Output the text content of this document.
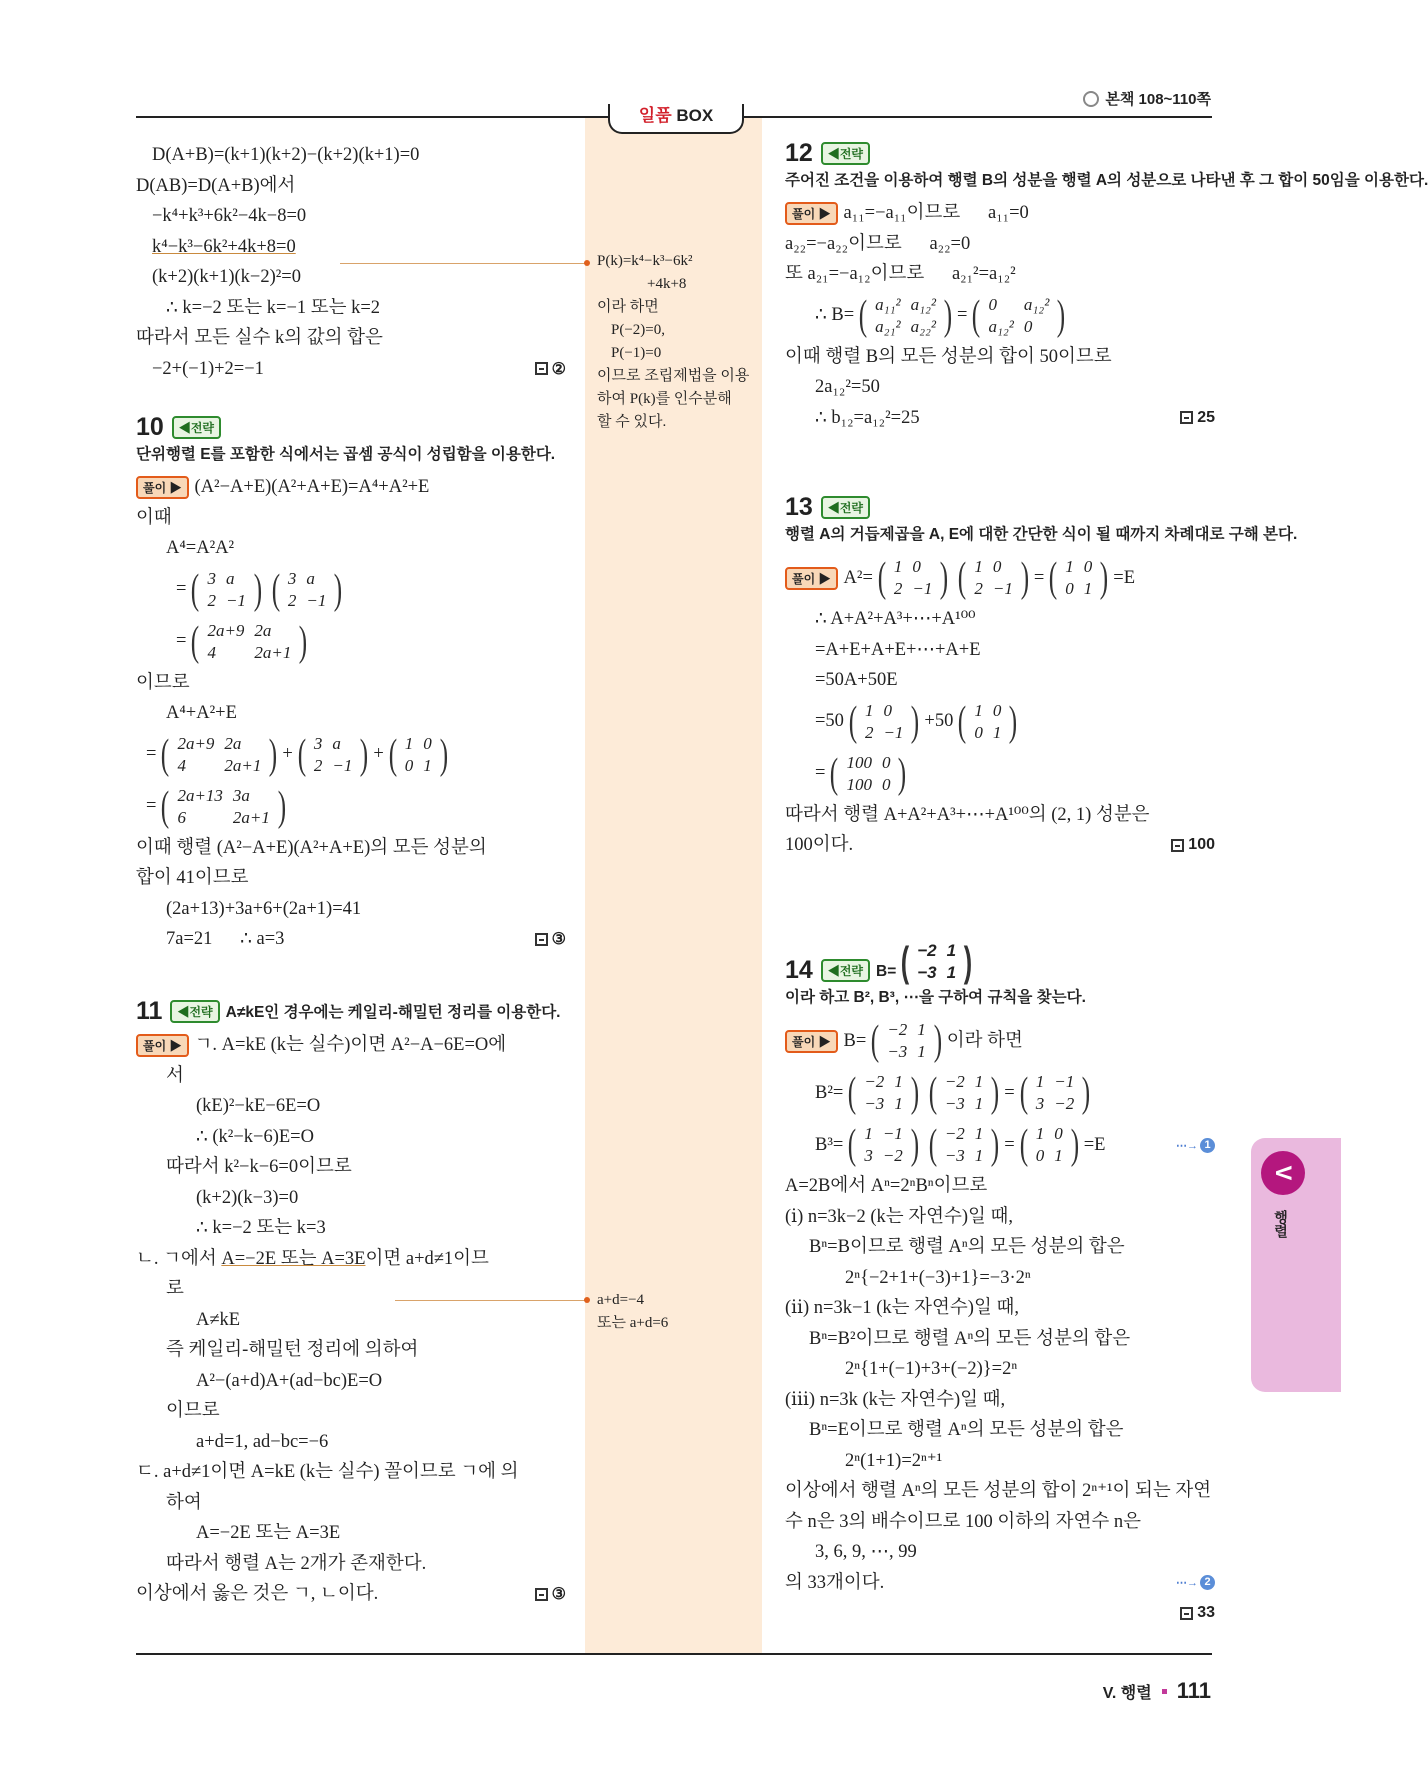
본책 108~110쪽
일품 BOX
D(A+B)=(k+1)(k+2)−(k+2)(k+1)=0
D(AB)=D(A+B)에서
−k⁴+k³+6k²−4k−8=0
k⁴−k³−6k²+4k+8=0
(k+2)(k+1)(k−2)²=0
∴ k=−2 또는 k=−1 또는 k=2
따라서 모든 실수 k의 값의 합은
−2+(−1)+2=−1	②
10 ◀전략단위행렬 E를 포함한 식에서는 곱셈 공식이 성립함을 이용한다.
풀이 ▶ (A²−A+E)(A²+A+E)=A⁴+A²+E
이때
A⁴=A²A²
= ( 3	a
2	−1 ) ( 3	a
2	−1 )
= ( 2a+9	2a
4	2a+1 )
이므로
A⁴+A²+E
= ( 2a+9	2a
4	2a+1 ) + ( 3	a
2	−1 ) + ( 1	0
0	1 )
= ( 2a+13	3a
6	2a+1 )
이때 행렬 (A²−A+E)(A²+A+E)의 모든 성분의
합이 41이므로
(2a+13)+3a+6+(2a+1)=41
7a=21      ∴ a=3	③
11 ◀전략 A≠kE인 경우에는 케일리-해밀턴 정리를 이용한다.
풀이 ▶ ㄱ. A=kE (k는 실수)이면 A²−A−6E=O에
서
(kE)²−kE−6E=O
∴ (k²−k−6)E=O
따라서 k²−k−6=0이므로
(k+2)(k−3)=0
∴ k=−2 또는 k=3
ㄴ. ㄱ에서 A=−2E 또는 A=3E 이면 a+d≠1이므
로
A≠kE
즉 케일리-해밀턴 정리에 의하여
A²−(a+d)A+(ad−bc)E=O
이므로
a+d=1, ad−bc=−6
ㄷ. a+d≠1이면 A=kE (k는 실수) 꼴이므로 ㄱ에 의
하여
A=−2E 또는 A=3E
따라서 행렬 A는 2개가 존재한다.
이상에서 옳은 것은 ㄱ, ㄴ이다.	③
12 ◀전략주어진 조건을 이용하여 행렬 B의 성분을 행렬 A의 성분으로 나타낸 후 그 합이 50임을 이용한다.
풀이 ▶ a₁₁=−a₁₁이므로      a₁₁=0
a₂₂=−a₂₂이므로      a₂₂=0
또 a₂₁=−a₁₂이므로      a₂₁²=a₁₂²
∴ B= ( a₁₁²	a₁₂²
a₂₁²	a₂₂² ) = ( 0	a₁₂²
a₁₂²	0 )
이때 행렬 B의 모든 성분의 합이 50이므로
2a₁₂²=50
∴ b₁₂=a₁₂²=25	25
13 ◀전략행렬 A의 거듭제곱을 A, E에 대한 간단한 식이 될 때까지 차례대로 구해 본다.
풀이 ▶ A²= ( 1	0
2	−1 ) ( 1	0
2	−1 ) = ( 1	0
0	1 ) =E
∴ A+A²+A³+⋯+A¹⁰⁰
=A+E+A+E+⋯+A+E
=50A+50E
=50 ( 1	0
2	−1 ) +50 ( 1	0
0	1 )
= ( 100	0
100	0 )
따라서 행렬 A+A²+A³+⋯+A¹⁰⁰의 (2, 1) 성분은
100이다.	100
14 ◀전략 B= ( −2	1
−3	1 )
이라 하고 B², B³, ⋯을 구하여 규칙을 찾는다.
풀이 ▶ B= ( −2	1
−3	1 ) 이라 하면
B²= ( −2	1
−3	1 ) ( −2	1
−3	1 ) = ( 1	−1
3	−2 )
B³= ( 1	−1
3	−2 ) ( −2	1
−3	1 ) = ( 1	0
0	1 ) =E	⋯→ 1
A=2B에서 Aⁿ=2ⁿBⁿ이므로
(ⅰ) n=3k−2 (k는 자연수)일 때,
Bⁿ=B이므로 행렬 Aⁿ의 모든 성분의 합은
2ⁿ{−2+1+(−3)+1}=−3·2ⁿ
(ⅱ) n=3k−1 (k는 자연수)일 때,
Bⁿ=B²이므로 행렬 Aⁿ의 모든 성분의 합은
2ⁿ{1+(−1)+3+(−2)}=2ⁿ
(ⅲ) n=3k (k는 자연수)일 때,
Bⁿ=E이므로 행렬 Aⁿ의 모든 성분의 합은
2ⁿ(1+1)=2ⁿ⁺¹
이상에서 행렬 Aⁿ의 모든 성분의 합이 2ⁿ⁺¹이 되는 자연
수 n은 3의 배수이므로 100 이하의 자연수 n은
3, 6, 9, ⋯, 99
의 33개이다.	⋯→ 2
33
P(k)=k⁴−k³−6k²
+4k+8
이라 하면
P(−2)=0,
P(−1)=0
이므로 조립제법을 이용
하여 P(k)를 인수분해
할 수 있다.
a+d=−4
또는 a+d=6
V. 행렬 111
V
행렬
